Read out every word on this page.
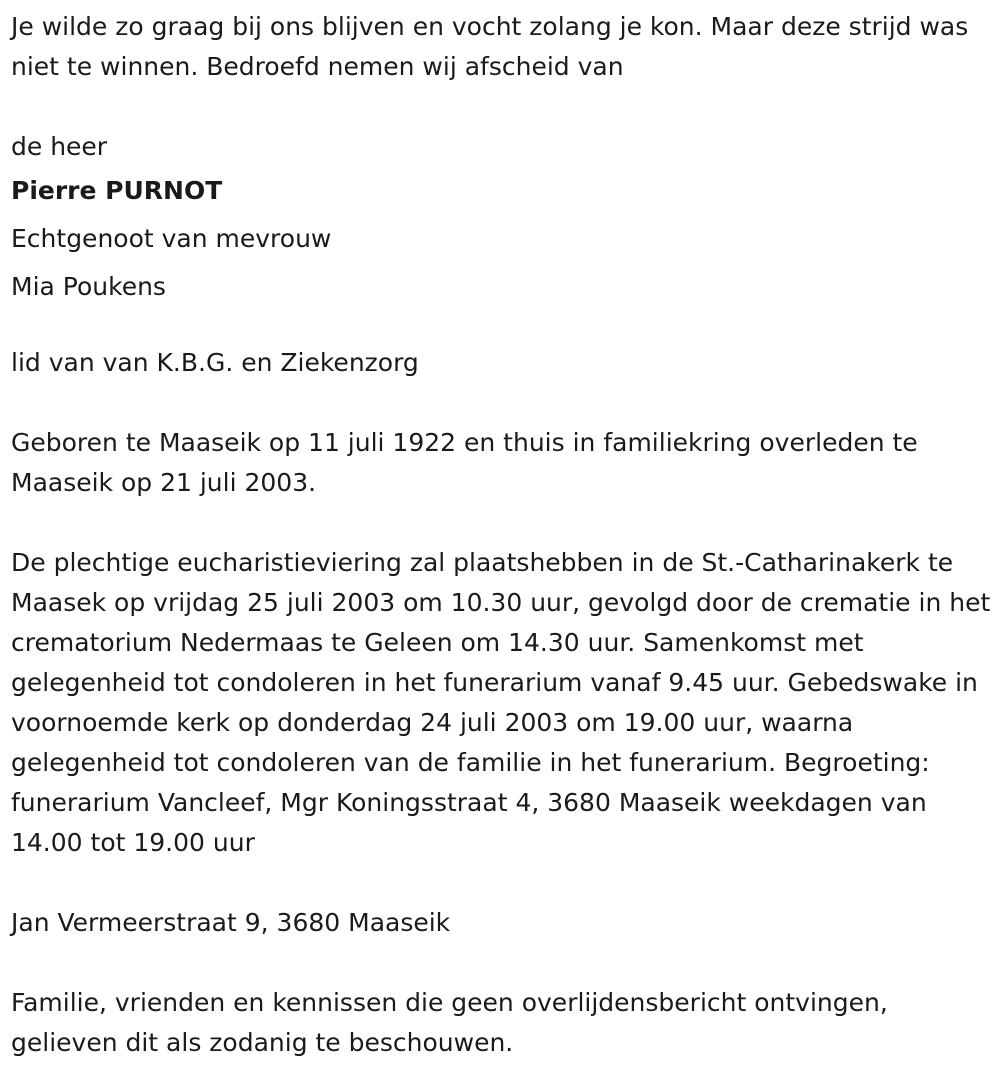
Je wilde zo graag bij ons blijven en vocht zolang je kon. Maar deze strijd was niet te winnen. Bedroefd nemen wij afscheid van

de heer

Pierre PURNOT

Echtgenoot van mevrouw

Mia Poukens

lid van van K.B.G. en Ziekenzorg

Geboren te Maaseik op 11 juli 1922 en thuis in familiekring overleden te Maaseik op 21 juli 2003.

De plechtige eucharistieviering zal plaatshebben in de St.-Catharinakerk te Maasek op vrijdag 25 juli 2003 om 10.30 uur, gevolgd door de crematie in het crematorium Nedermaas te Geleen om 14.30 uur. Samenkomst met gelegenheid tot condoleren in het funerarium vanaf 9.45 uur. Gebedswake in voornoemde kerk op donderdag 24 juli 2003 om 19.00 uur, waarna gelegenheid tot condoleren van de familie in het funerarium. Begroeting: funerarium Vancleef, Mgr Koningsstraat 4, 3680 Maaseik weekdagen van 14.00 tot 19.00 uur

Jan Vermeerstraat 9, 3680 Maaseik

Familie, vrienden en kennissen die geen overlijdensbericht ontvingen, gelieven dit als zodanig te beschouwen.
